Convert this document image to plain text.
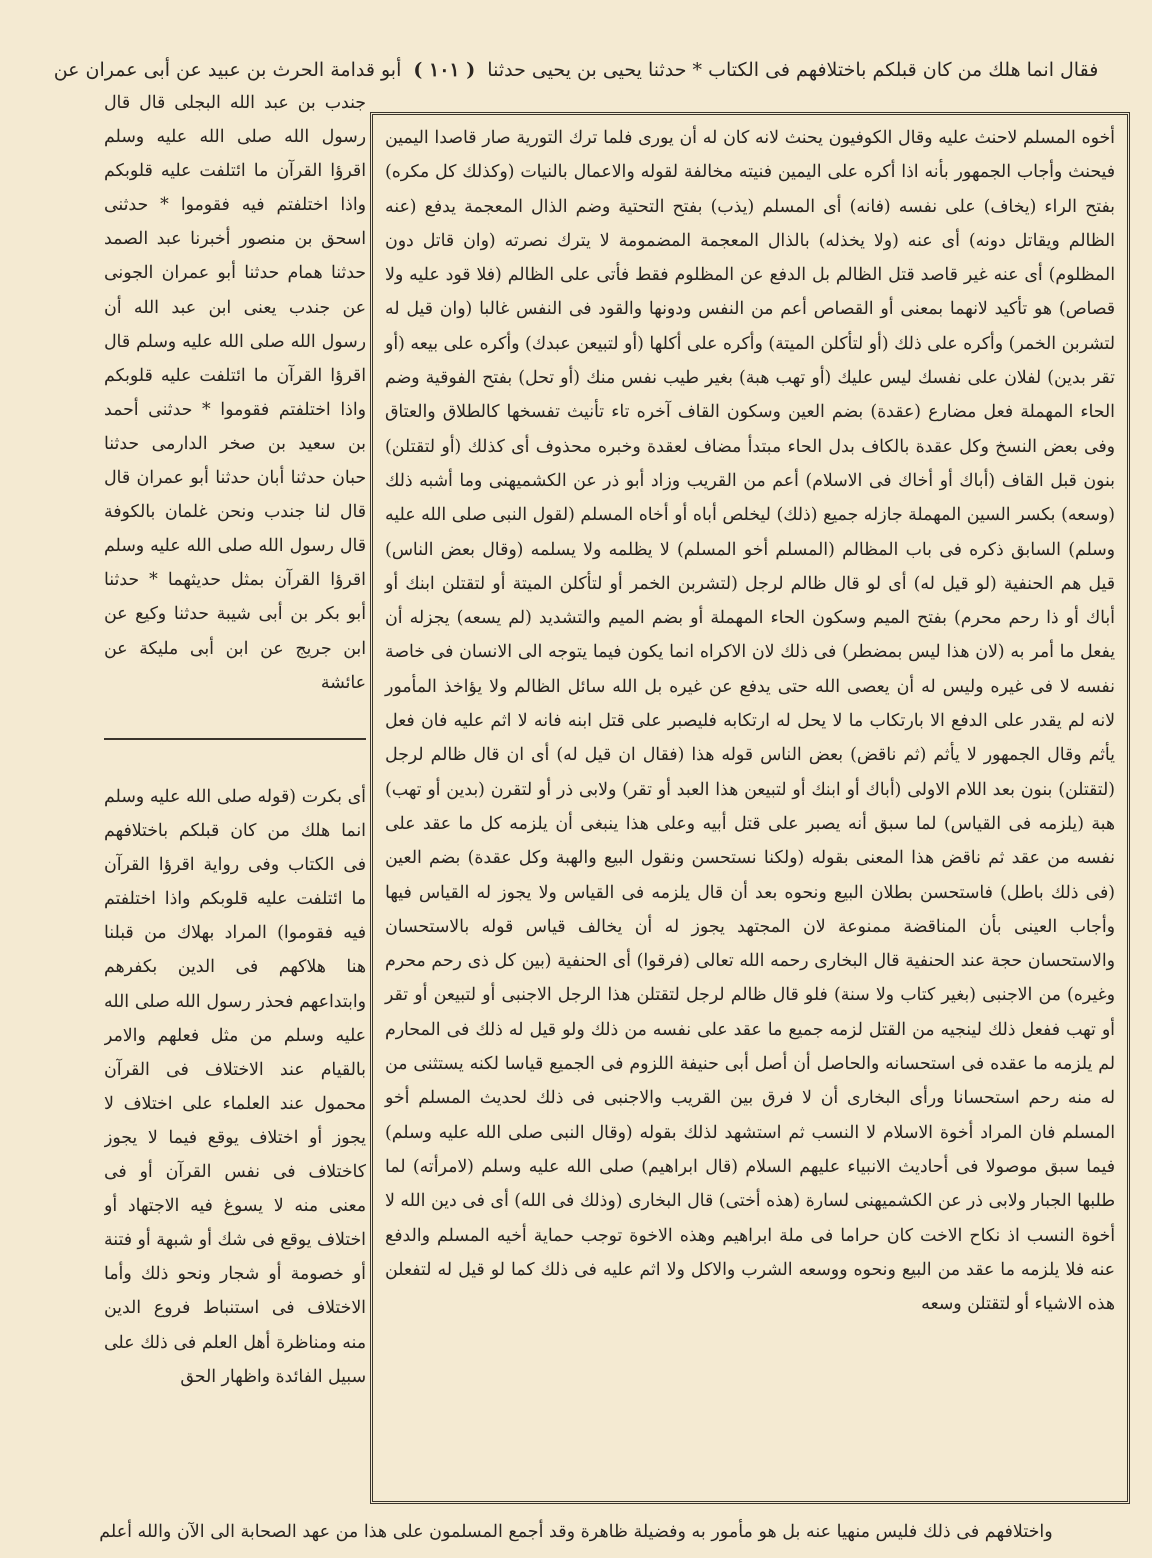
فقال انما هلك من كان قبلكم باختلافهم فى الكتاب * حدثنا يحيى بن يحيى حدثنا ( ۱۰۱ ) أبو قدامة الحرث بن عبيد عن أبى عمران عن

أخوه المسلم لاحنث عليه وقال الكوفيون يحنث لانه كان له أن يورى فلما ترك التورية صار قاصدا اليمين فيحنث وأجاب الجمهور بأنه اذا أكره على اليمين فنيته مخالفة لقوله والاعمال بالنيات (وكذلك كل مكره) بفتح الراء (يخاف) على نفسه (فانه) أى المسلم (يذب) بفتح التحتية وضم الذال المعجمة يدفع (عنه الظالم ويقاتل دونه) أى عنه (ولا يخذله) بالذال المعجمة المضمومة لا يترك نصرته (وان قاتل دون المظلوم) أى عنه غير قاصد قتل الظالم بل الدفع عن المظلوم فقط فأتى على الظالم (فلا قود عليه ولا قصاص) هو تأكيد لانهما بمعنى أو القصاص أعم من النفس ودونها والقود فى النفس غالبا (وان قيل له لتشربن الخمر) وأكره على ذلك (أو لتأكلن الميتة) وأكره على أكلها (أو لتبيعن عبدك) وأكره على بيعه (أو تقر بدين) لفلان على نفسك ليس عليك (أو تهب هبة) بغير طيب نفس منك (أو تحل) بفتح الفوقية وضم الحاء المهملة فعل مضارع (عقدة) بضم العين وسكون القاف آخره تاء تأنيث تفسخها كالطلاق والعتاق وفى بعض النسخ وكل عقدة بالكاف بدل الحاء مبتدأ مضاف لعقدة وخبره محذوف أى كذلك (أو لتقتلن) بنون قبل القاف (أباك أو أخاك فى الاسلام) أعم من القريب وزاد أبو ذر عن الكشميهنى وما أشبه ذلك (وسعه) بكسر السين المهملة جازله جميع (ذلك) ليخلص أباه أو أخاه المسلم (لقول النبى صلى الله عليه وسلم) السابق ذكره فى باب المظالم (المسلم أخو المسلم) لا يظلمه ولا يسلمه (وقال بعض الناس) قيل هم الحنفية (لو قيل له) أى لو قال ظالم لرجل (لتشربن الخمر أو لتأكلن الميتة أو لتقتلن ابنك أو أباك أو ذا رحم محرم) بفتح الميم وسكون الحاء المهملة أو بضم الميم والتشديد (لم يسعه) يجزله أن يفعل ما أمر به (لان هذا ليس بمضطر) فى ذلك لان الاكراه انما يكون فيما يتوجه الى الانسان فى خاصة نفسه لا فى غيره وليس له أن يعصى الله حتى يدفع عن غيره بل الله سائل الظالم ولا يؤاخذ المأمور لانه لم يقدر على الدفع الا بارتكاب ما لا يحل له ارتكابه فليصبر على قتل ابنه فانه لا اثم عليه فان فعل يأثم وقال الجمهور لا يأثم (ثم ناقض) بعض الناس قوله هذا (فقال ان قيل له) أى ان قال ظالم لرجل (لتقتلن) بنون بعد اللام الاولى (أباك أو ابنك أو لتبيعن هذا العبد أو تقر) ولابى ذر أو لتقرن (بدين أو تهب) هبة (يلزمه فى القياس) لما سبق أنه يصبر على قتل أبيه وعلى هذا ينبغى أن يلزمه كل ما عقد على نفسه من عقد ثم ناقض هذا المعنى بقوله (ولكنا نستحسن ونقول البيع والهبة وكل عقدة) بضم العين (فى ذلك باطل) فاستحسن بطلان البيع ونحوه بعد أن قال يلزمه فى القياس ولا يجوز له القياس فيها وأجاب العينى بأن المناقضة ممنوعة لان المجتهد يجوز له أن يخالف قياس قوله بالاستحسان والاستحسان حجة عند الحنفية قال البخارى رحمه الله تعالى (فرقوا) أى الحنفية (بين كل ذى رحم محرم وغيره) من الاجنبى (بغير كتاب ولا سنة) فلو قال ظالم لرجل لتقتلن هذا الرجل الاجنبى أو لتبيعن أو تقر أو تهب ففعل ذلك لينجيه من القتل لزمه جميع ما عقد على نفسه من ذلك ولو قيل له ذلك فى المحارم لم يلزمه ما عقده فى استحسانه والحاصل أن أصل أبى حنيفة اللزوم فى الجميع قياسا لكنه يستثنى من له منه رحم استحسانا ورأى البخارى أن لا فرق بين القريب والاجنبى فى ذلك لحديث المسلم أخو المسلم فان المراد أخوة الاسلام لا النسب ثم استشهد لذلك بقوله (وقال النبى صلى الله عليه وسلم) فيما سبق موصولا فى أحاديث الانبياء عليهم السلام (قال ابراهيم) صلى الله عليه وسلم (لامرأته) لما طلبها الجبار ولابى ذر عن الكشميهنى لسارة (هذه أختى) قال البخارى (وذلك فى الله) أى فى دين الله لا أخوة النسب اذ نكاح الاخت كان حراما فى ملة ابراهيم وهذه الاخوة توجب حماية أخيه المسلم والدفع عنه فلا يلزمه ما عقد من البيع ونحوه ووسعه الشرب والاكل ولا اثم عليه فى ذلك كما لو قيل له لتفعلن هذه الاشياء أو لتقتلن وسعه

جندب بن عبد الله البجلى قال قال رسول الله صلى الله عليه وسلم اقرؤا القرآن ما ائتلفت عليه قلوبكم واذا اختلفتم فيه فقوموا * حدثنى اسحق بن منصور أخبرنا عبد الصمد حدثنا همام حدثنا أبو عمران الجونى عن جندب يعنى ابن عبد الله أن رسول الله صلى الله عليه وسلم قال اقرؤا القرآن ما ائتلفت عليه قلوبكم واذا اختلفتم فقوموا * حدثنى أحمد بن سعيد بن صخر الدارمى حدثنا حبان حدثنا أبان حدثنا أبو عمران قال قال لنا جندب ونحن غلمان بالكوفة قال رسول الله صلى الله عليه وسلم اقرؤا القرآن بمثل حديثهما * حدثنا أبو بكر بن أبى شيبة حدثنا وكيع عن ابن جريج عن ابن أبى مليكة عن عائشة

أى بكرت (قوله صلى الله عليه وسلم انما هلك من كان قبلكم باختلافهم فى الكتاب وفى رواية اقرؤا القرآن ما ائتلفت عليه قلوبكم واذا اختلفتم فيه فقوموا) المراد بهلاك من قبلنا هنا هلاكهم فى الدين بكفرهم وابتداعهم فحذر رسول الله صلى الله عليه وسلم من مثل فعلهم والامر بالقيام عند الاختلاف فى القرآن محمول عند العلماء على اختلاف لا يجوز أو اختلاف يوقع فيما لا يجوز كاختلاف فى نفس القرآن أو فى معنى منه لا يسوغ فيه الاجتهاد أو اختلاف يوقع فى شك أو شبهة أو فتنة أو خصومة أو شجار ونحو ذلك وأما الاختلاف فى استنباط فروع الدين منه ومناظرة أهل العلم فى ذلك على سبيل الفائدة واظهار الحق

واختلافهم فى ذلك فليس منهيا عنه بل هو مأمور به وفضيلة ظاهرة وقد أجمع المسلمون على هذا من عهد الصحابة الى الآن والله أعلم
